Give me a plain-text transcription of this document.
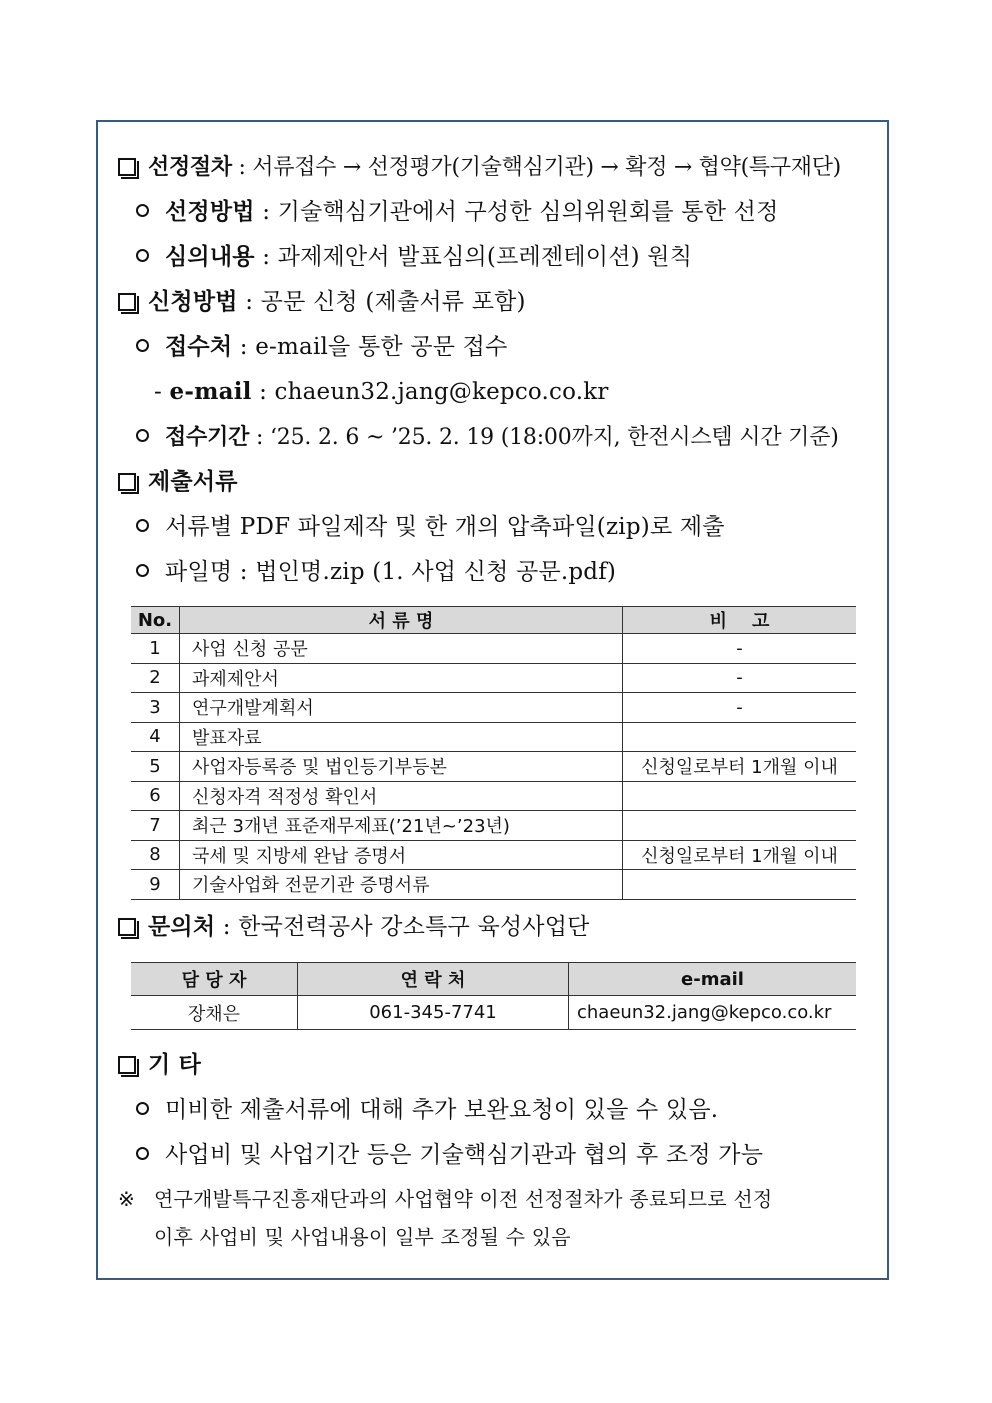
선정절차 : 서류접수 → 선정평가(기술핵심기관) → 확정 → 협약(특구재단)
선정방법 : 기술핵심기관에서 구성한 심의위원회를 통한 선정
심의내용 : 과제제안서 발표심의(프레젠테이션) 원칙
신청방법 : 공문 신청 (제출서류 포함)
접수처 : e-mail을 통한 공문 접수
- e-mail : chaeun32.jang@kepco.co.kr
접수기간 : ‘25. 2. 6 ~ ’25. 2. 19 (18:00까지, 한전시스템 시간 기준)
제출서류
서류별 PDF 파일제작 및 한 개의 압축파일(zip)로 제출
파일명 : 법인명.zip (1. 사업 신청 공문.pdf)
No.	서 류 명	비    고
1	사업 신청 공문	-
2	과제제안서	-
3	연구개발계획서	-
4	발표자료	
5	사업자등록증 및 법인등기부등본	신청일로부터 1개월 이내
6	신청자격 적정성 확인서	
7	최근 3개년 표준재무제표(’21년~’23년)	
8	국세 및 지방세 완납 증명서	신청일로부터 1개월 이내
9	기술사업화 전문기관 증명서류	
문의처 : 한국전력공사 강소특구 육성사업단
담 당 자	연 락 처	e-mail
장채은	061-345-7741	chaeun32.jang@kepco.co.kr
기 타
미비한 제출서류에 대해 추가 보완요청이 있을 수 있음.
사업비 및 사업기간 등은 기술핵심기관과 협의 후 조정 가능
※ 연구개발특구진흥재단과의 사업협약 이전 선정절차가 종료되므로 선정
이후 사업비 및 사업내용이 일부 조정될 수 있음
